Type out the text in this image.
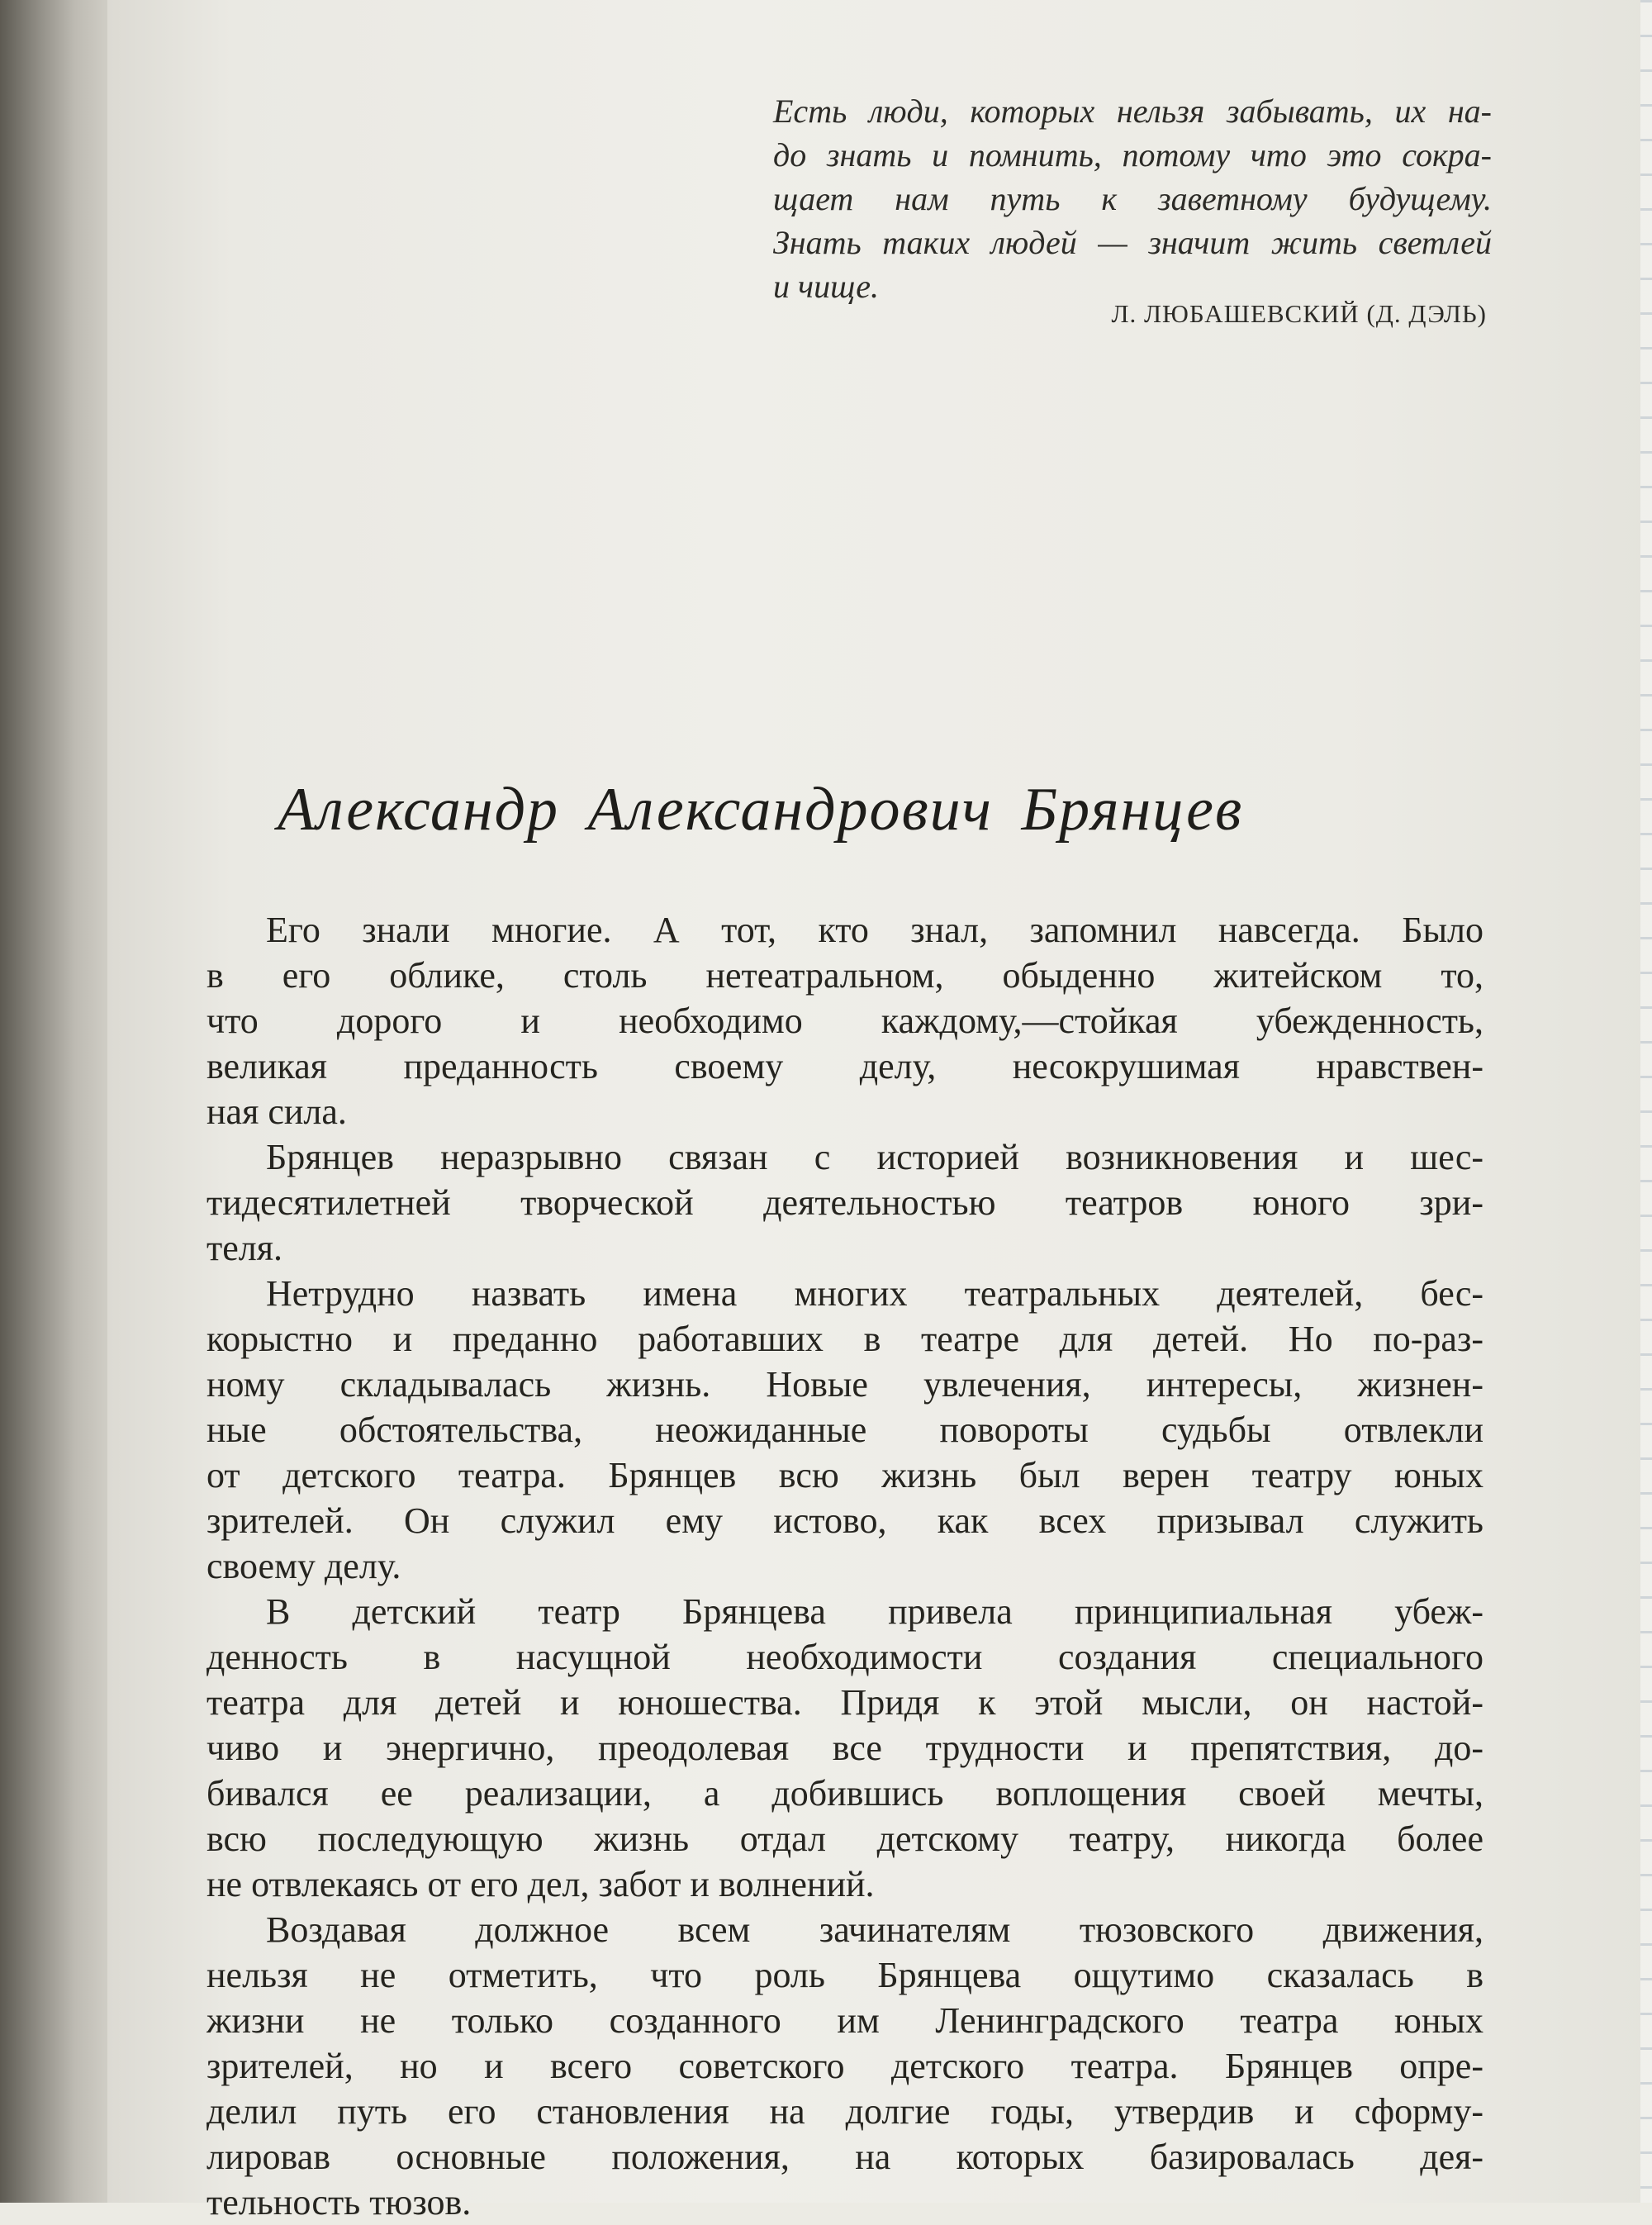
Есть люди, которых нельзя забывать, их на-
до знать и помнить, потому что это сокра-
щает нам путь к заветному будущему.
Знать таких людей — значит жить светлей
и чище.
Л. ЛЮБАШЕВСКИЙ (Д. ДЭЛЬ)
Александр Александрович Брянцев
Его знали многие. А тот, кто знал, запомнил навсегда. Было
в его облике, столь нетеатральном, обыденно житейском то,
что дорого и необходимо каждому,—стойкая убежденность,
великая преданность своему делу, несокрушимая нравствен-
ная сила.
Брянцев неразрывно связан с историей возникновения и шес-
тидесятилетней творческой деятельностью театров юного зри-
теля.
Нетрудно назвать имена многих театральных деятелей, бес-
корыстно и преданно работавших в театре для детей. Но по-раз-
ному складывалась жизнь. Новые увлечения, интересы, жизнен-
ные обстоятельства, неожиданные повороты судьбы отвлекли
от детского театра. Брянцев всю жизнь был верен театру юных
зрителей. Он служил ему истово, как всех призывал служить
своему делу.
В детский театр Брянцева привела принципиальная убеж-
денность в насущной необходимости создания специального
театра для детей и юношества. Придя к этой мысли, он настой-
чиво и энергично, преодолевая все трудности и препятствия, до-
бивался ее реализации, а добившись воплощения своей мечты,
всю последующую жизнь отдал детскому театру, никогда более
не отвлекаясь от его дел, забот и волнений.
Воздавая должное всем зачинателям тюзовского движения,
нельзя не отметить, что роль Брянцева ощутимо сказалась в
жизни не только созданного им Ленинградского театра юных
зрителей, но и всего советского детского театра. Брянцев опре-
делил путь его становления на долгие годы, утвердив и сформу-
лировав основные положения, на которых базировалась дея-
тельность тюзов.
